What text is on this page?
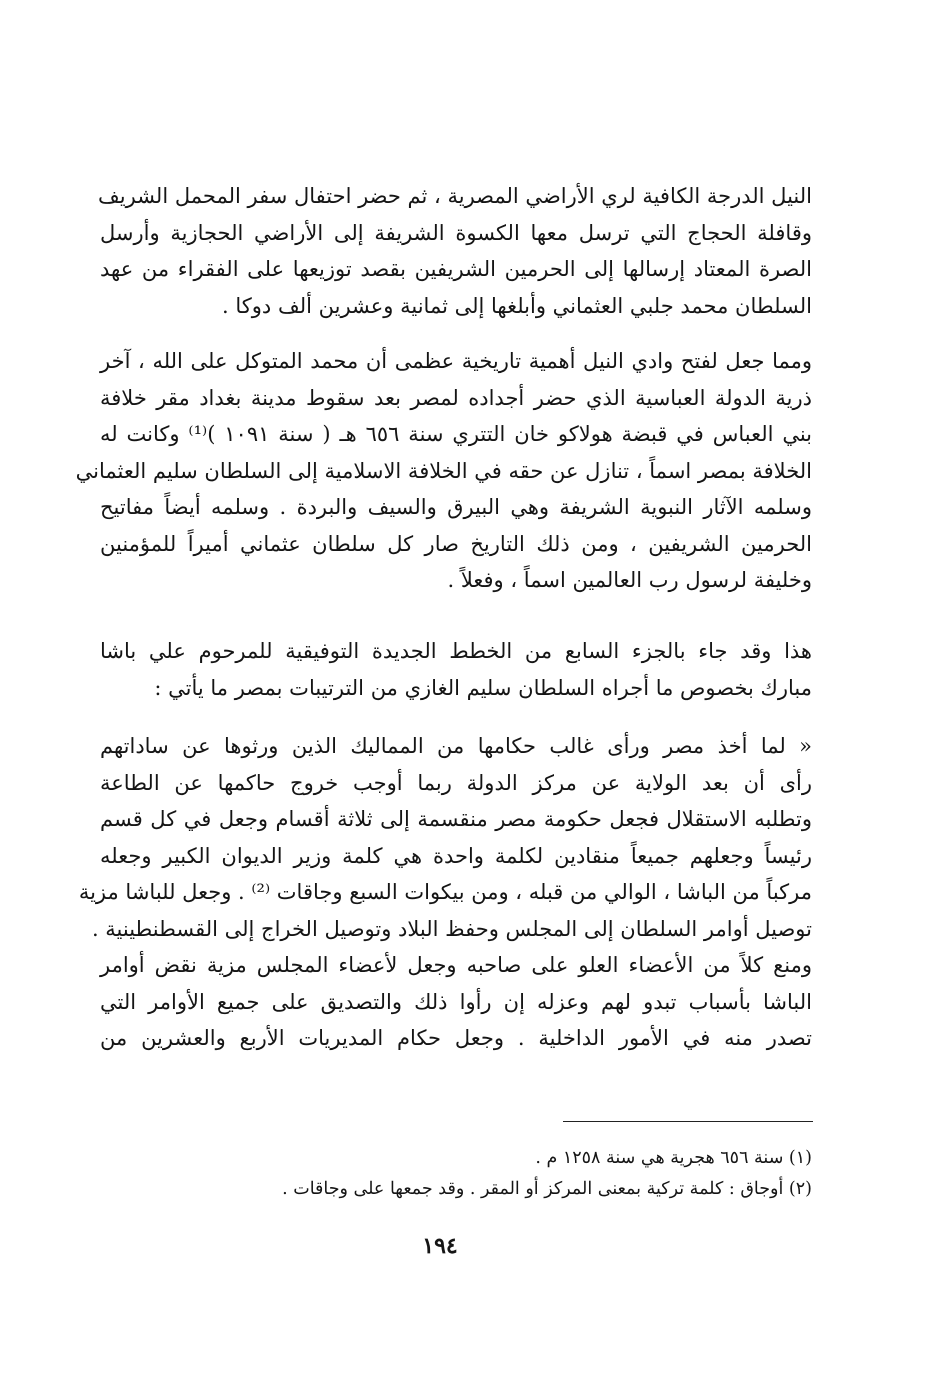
النيل الدرجة الكافية لري الأراضي المصرية ، ثم حضر احتفال سفر المحمل الشريف
وقافلة الحجاج التي ترسل معها الكسوة الشريفة إلى الأراضي الحجازية وأرسل
الصرة المعتاد إرسالها إلى الحرمين الشريفين بقصد توزيعها على الفقراء من عهد
السلطان محمد جلبي العثماني وأبلغها إلى ثمانية وعشرين ألف دوكا .
ومما جعل لفتح وادي النيل أهمية تاريخية عظمى أن محمد المتوكل على الله ، آخر
ذرية الدولة العباسية الذي حضر أجداده لمصر بعد سقوط مدينة بغداد مقر خلافة
بني العباس في قبضة هولاكو خان التتري سنة ٦٥٦ هـ ( سنة ١٠٩١ )⁽¹⁾ وكانت له
الخلافة بمصر اسماً ، تنازل عن حقه في الخلافة الاسلامية إلى السلطان سليم العثماني
وسلمه الآثار النبوية الشريفة وهي البيرق والسيف والبردة . وسلمه أيضاً مفاتيح
الحرمين الشريفين ، ومن ذلك التاريخ صار كل سلطان عثماني أميراً للمؤمنين
وخليفة لرسول رب العالمين اسماً ، وفعلاً .
هذا وقد جاء بالجزء السابع من الخطط الجديدة التوفيقية للمرحوم علي باشا
مبارك بخصوص ما أجراه السلطان سليم الغازي من الترتيبات بمصر ما يأتي :
« لما أخذ مصر ورأى غالب حكامها من المماليك الذين ورثوها عن ساداتهم
رأى أن بعد الولاية عن مركز الدولة ربما أوجب خروج حاكمها عن الطاعة
وتطلبه الاستقلال فجعل حكومة مصر منقسمة إلى ثلاثة أقسام وجعل في كل قسم
رئيساً وجعلهم جميعاً منقادين لكلمة واحدة هي كلمة وزير الديوان الكبير وجعله
مركباً من الباشا ، الوالي من قبله ، ومن بيكوات السبع وجاقات ⁽²⁾ . وجعل للباشا مزية
توصيل أوامر السلطان إلى المجلس وحفظ البلاد وتوصيل الخراج إلى القسطنطينية .
ومنع كلاً من الأعضاء العلو على صاحبه وجعل لأعضاء المجلس مزية نقض أوامر
الباشا بأسباب تبدو لهم وعزله إن رأوا ذلك والتصديق على جميع الأوامر التي
تصدر منه في الأمور الداخلية . وجعل حكام المديريات الأربع والعشرين من
(١) سنة ٦٥٦ هجرية هي سنة ١٢٥٨ م .
(٢) أوجاق : كلمة تركية بمعنى المركز أو المقر . وقد جمعها على وجاقات .
١٩٤
